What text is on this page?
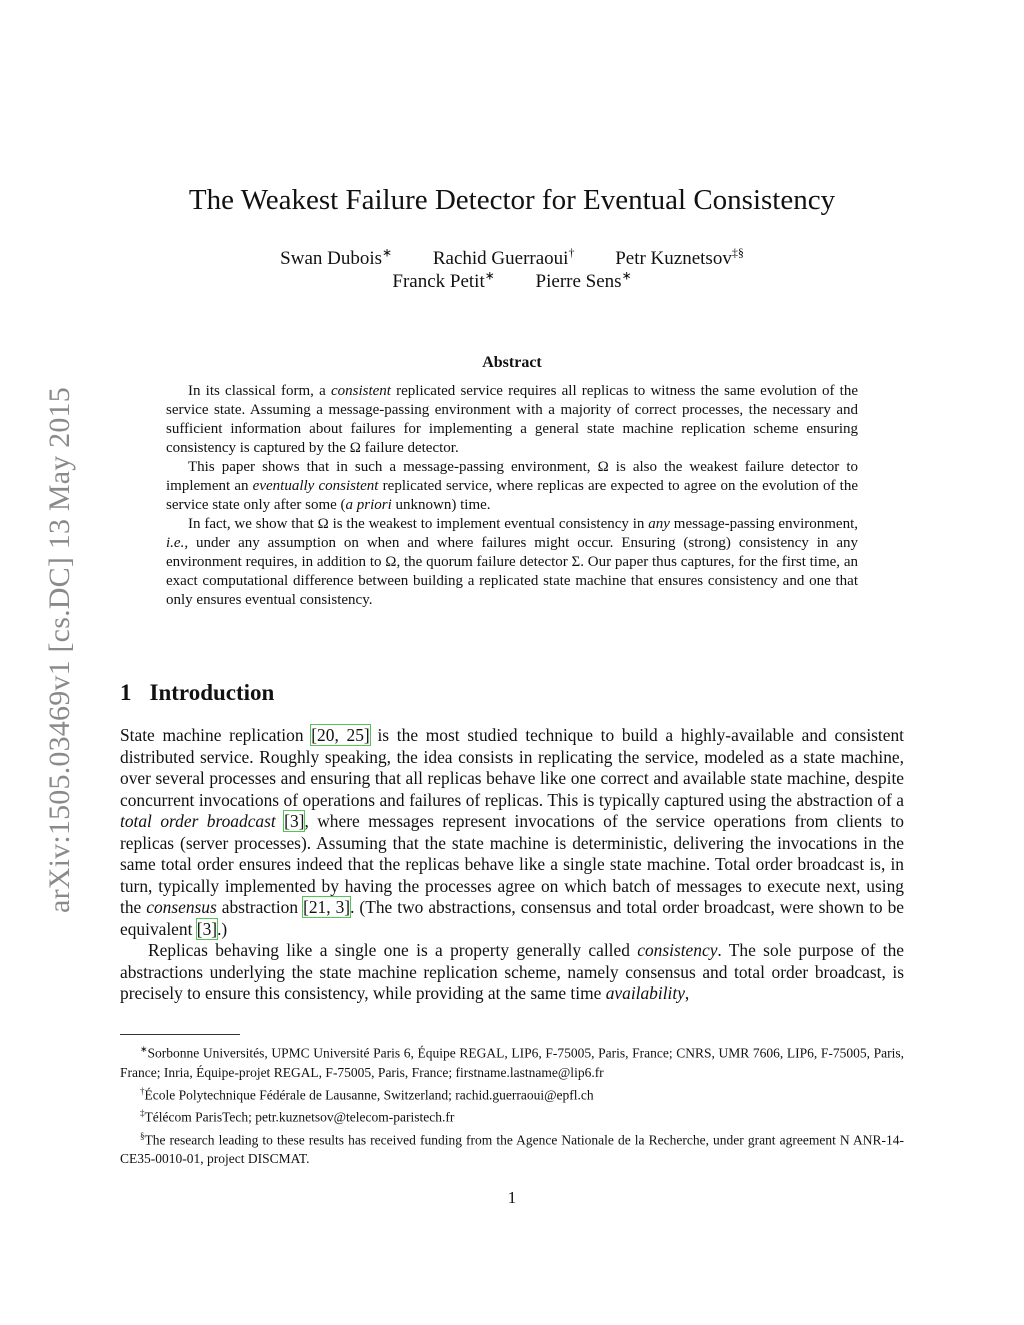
arXiv:1505.03469v1 [cs.DC] 13 May 2015
The Weakest Failure Detector for Eventual Consistency
Swan Dubois∗ Rachid Guerraoui† Petr Kuznetsov‡§
Franck Petit∗ Pierre Sens∗
Abstract

In its classical form, a consistent replicated service requires all replicas to witness the same evolution of the service state. Assuming a message-passing environment with a majority of correct processes, the necessary and sufficient information about failures for implementing a general state machine replication scheme ensuring consistency is captured by the Ω failure detector.

This paper shows that in such a message-passing environment, Ω is also the weakest failure detector to implement an eventually consistent replicated service, where replicas are expected to agree on the evolution of the service state only after some (a priori unknown) time.

In fact, we show that Ω is the weakest to implement eventual consistency in any message-passing environment, i.e., under any assumption on when and where failures might occur. Ensuring (strong) consistency in any environment requires, in addition to Ω, the quorum failure detector Σ. Our paper thus captures, for the first time, an exact computational difference between building a replicated state machine that ensures consistency and one that only ensures eventual consistency.

1 Introduction

State machine replication [20, 25] is the most studied technique to build a highly-available and consistent distributed service. Roughly speaking, the idea consists in replicating the service, modeled as a state machine, over several processes and ensuring that all replicas behave like one correct and available state machine, despite concurrent invocations of operations and failures of replicas. This is typically captured using the abstraction of a total order broadcast [3], where messages represent invocations of the service operations from clients to replicas (server processes). Assuming that the state machine is deterministic, delivering the invocations in the same total order ensures indeed that the replicas behave like a single state machine. Total order broadcast is, in turn, typically implemented by having the processes agree on which batch of messages to execute next, using the consensus abstraction [21, 3]. (The two abstractions, consensus and total order broadcast, were shown to be equivalent [3].)

Replicas behaving like a single one is a property generally called consistency. The sole purpose of the abstractions underlying the state machine replication scheme, namely consensus and total order broadcast, is precisely to ensure this consistency, while providing at the same time availability,

∗Sorbonne Universités, UPMC Université Paris 6, Équipe REGAL, LIP6, F-75005, Paris, France; CNRS, UMR 7606, LIP6, F-75005, Paris, France; Inria, Équipe-projet REGAL, F-75005, Paris, France; firstname.lastname@lip6.fr

†École Polytechnique Fédérale de Lausanne, Switzerland; rachid.guerraoui@epfl.ch

‡Télécom ParisTech; petr.kuznetsov@telecom-paristech.fr

§The research leading to these results has received funding from the Agence Nationale de la Recherche, under grant agreement N ANR-14-CE35-0010-01, project DISCMAT.

1
